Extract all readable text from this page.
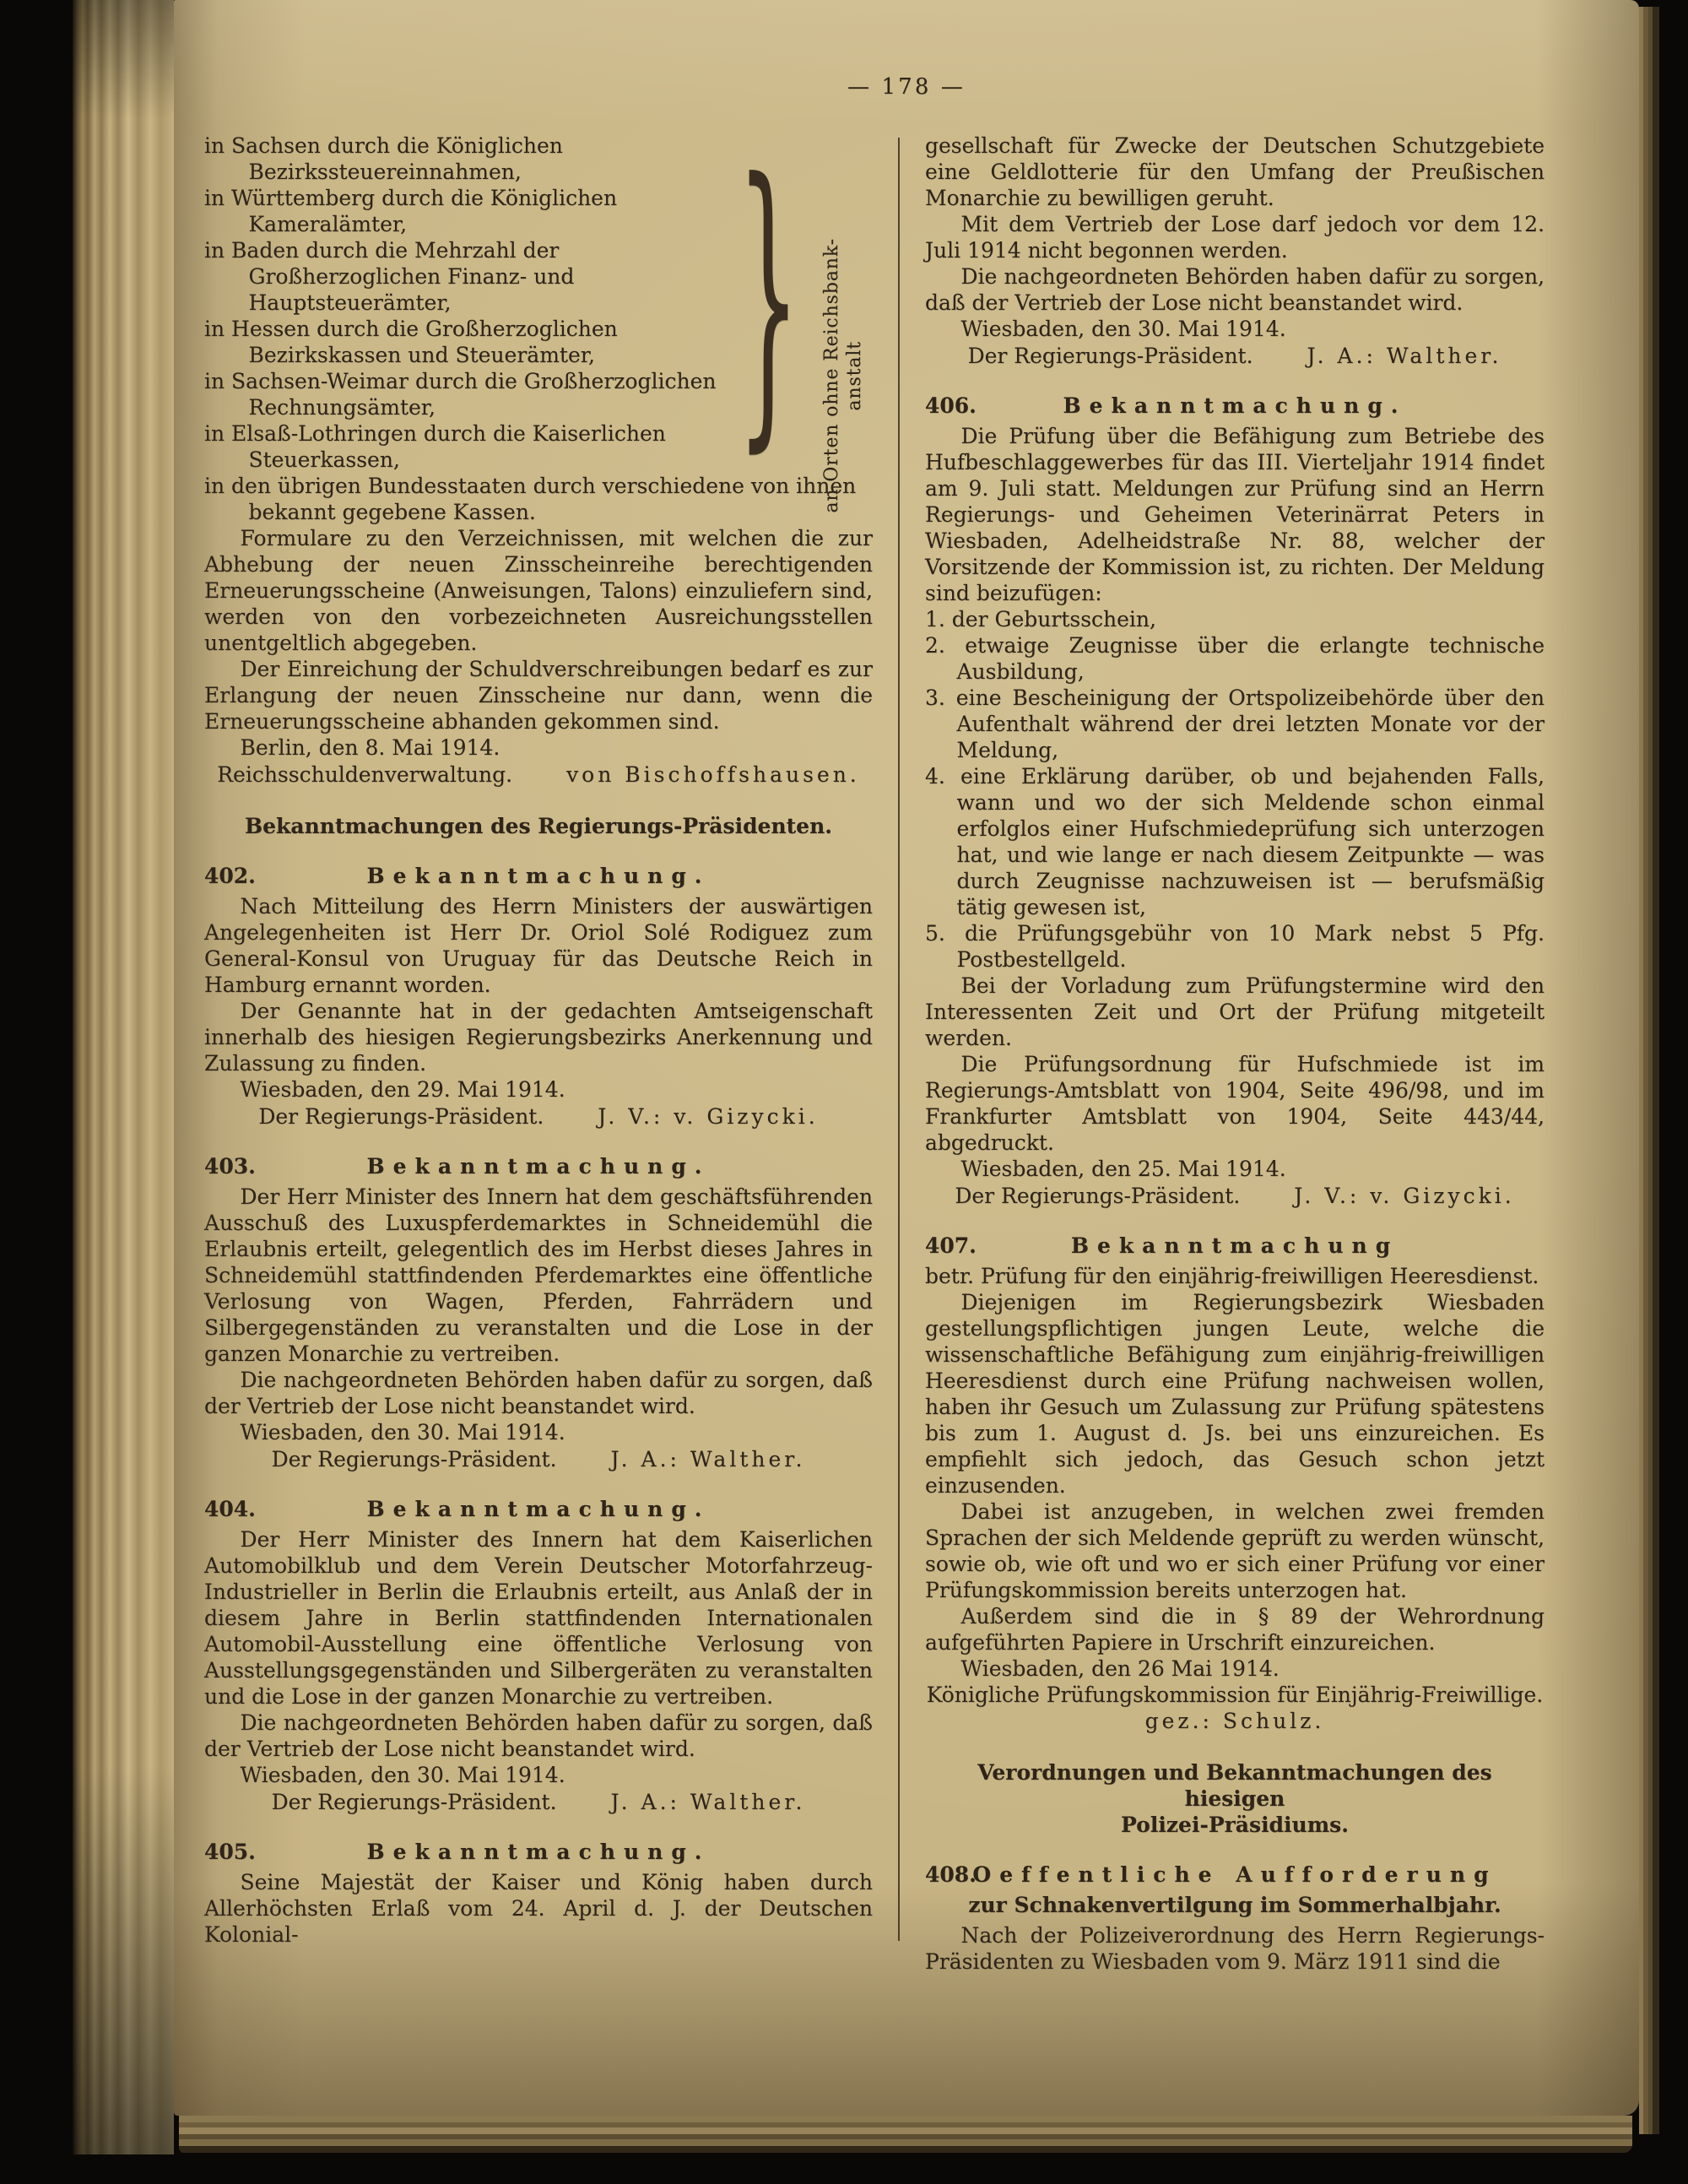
— 178 —

in Sachsen durch die Königlichen Bezirkssteuereinnahmen,

in Württemberg durch die Königlichen Kameralämter,

in Baden durch die Mehrzahl der Großherzoglichen Finanz- und Hauptsteuerämter,

in Hessen durch die Großherzoglichen Bezirkskassen und Steuerämter,

in Sachsen-Weimar durch die Großherzoglichen Rechnungsämter,

in Elsaß-Lothringen durch die Kaiserlichen Steuerkassen,

in den übrigen Bundesstaaten durch verschiedene von ihnen bekannt gegebene Kassen.

} an Orten ohne Reichsbank- anstalt

Formulare zu den Verzeichnissen, mit welchen die zur Abhebung der neuen Zinsscheinreihe berechtigenden Erneuerungsscheine (Anweisungen, Talons) einzuliefern sind, werden von den vorbezeichneten Ausreichungsstellen unentgeltlich abgegeben.

Der Einreichung der Schuldverschreibungen bedarf es zur Erlangung der neuen Zinsscheine nur dann, wenn die Erneuerungsscheine abhanden gekommen sind.

Berlin, den 8. Mai 1914.

Reichsschuldenverwaltung.	von Bischoffshausen.
Bekanntmachungen des Regierungs-Präsidenten.
402.	Bekanntmachung.

Nach Mitteilung des Herrn Ministers der auswärtigen Angelegenheiten ist Herr Dr. Oriol Solé Rodiguez zum General-Konsul von Uruguay für das Deutsche Reich in Hamburg ernannt worden.

Der Genannte hat in der gedachten Amtseigenschaft innerhalb des hiesigen Regierungsbezirks Anerkennung und Zulassung zu finden.

Wiesbaden, den 29. Mai 1914.

Der Regierungs-Präsident.	J. V.: v. Gizycki.
403.	Bekanntmachung.

Der Herr Minister des Innern hat dem geschäftsführenden Ausschuß des Luxuspferdemarktes in Schneidemühl die Erlaubnis erteilt, gelegentlich des im Herbst dieses Jahres in Schneidemühl stattfindenden Pferdemarktes eine öffentliche Verlosung von Wagen, Pferden, Fahrrädern und Silbergegenständen zu veranstalten und die Lose in der ganzen Monarchie zu vertreiben.

Die nachgeordneten Behörden haben dafür zu sorgen, daß der Vertrieb der Lose nicht beanstandet wird.

Wiesbaden, den 30. Mai 1914.

Der Regierungs-Präsident.	J. A.: Walther.
404.	Bekanntmachung.

Der Herr Minister des Innern hat dem Kaiserlichen Automobilklub und dem Verein Deutscher Motorfahrzeug-Industrieller in Berlin die Erlaubnis erteilt, aus Anlaß der in diesem Jahre in Berlin stattfindenden Internationalen Automobil-Ausstellung eine öffentliche Verlosung von Ausstellungsgegenständen und Silbergeräten zu veranstalten und die Lose in der ganzen Monarchie zu vertreiben.

Die nachgeordneten Behörden haben dafür zu sorgen, daß der Vertrieb der Lose nicht beanstandet wird.

Wiesbaden, den 30. Mai 1914.

Der Regierungs-Präsident.	J. A.: Walther.
405.	Bekanntmachung.

Seine Majestät der Kaiser und König haben durch Allerhöchsten Erlaß vom 24. April d. J. der Deutschen Kolonial-

gesellschaft für Zwecke der Deutschen Schutzgebiete eine Geldlotterie für den Umfang der Preußischen Monarchie zu bewilligen geruht.

Mit dem Vertrieb der Lose darf jedoch vor dem 12. Juli 1914 nicht begonnen werden.

Die nachgeordneten Behörden haben dafür zu sorgen, daß der Vertrieb der Lose nicht beanstandet wird.

Wiesbaden, den 30. Mai 1914.

Der Regierungs-Präsident.	J. A.: Walther.
406.	Bekanntmachung.

Die Prüfung über die Befähigung zum Betriebe des Hufbeschlaggewerbes für das III. Vierteljahr 1914 findet am 9. Juli statt. Meldungen zur Prüfung sind an Herrn Regierungs- und Geheimen Veterinärrat Peters in Wiesbaden, Adelheidstraße Nr. 88, welcher der Vorsitzende der Kommission ist, zu richten. Der Meldung sind beizufügen:

1. der Geburtsschein,

2. etwaige Zeugnisse über die erlangte technische Ausbildung,

3. eine Bescheinigung der Ortspolizeibehörde über den Aufenthalt während der drei letzten Monate vor der Meldung,

4. eine Erklärung darüber, ob und bejahenden Falls, wann und wo der sich Meldende schon einmal erfolglos einer Hufschmiedeprüfung sich unterzogen hat, und wie lange er nach diesem Zeitpunkte — was durch Zeugnisse nachzuweisen ist — berufsmäßig tätig gewesen ist,

5. die Prüfungsgebühr von 10 Mark nebst 5 Pfg. Postbestellgeld.

Bei der Vorladung zum Prüfungstermine wird den Interessenten Zeit und Ort der Prüfung mitgeteilt werden.

Die Prüfungsordnung für Hufschmiede ist im Regierungs-Amtsblatt von 1904, Seite 496/98, und im Frankfurter Amtsblatt von 1904, Seite 443/44, abgedruckt.

Wiesbaden, den 25. Mai 1914.

Der Regierungs-Präsident.	J. V.: v. Gizycki.
407.	Bekanntmachung

betr. Prüfung für den einjährig-freiwilligen Heeresdienst.

Diejenigen im Regierungsbezirk Wiesbaden gestellungspflichtigen jungen Leute, welche die wissenschaftliche Befähigung zum einjährig-freiwilligen Heeresdienst durch eine Prüfung nachweisen wollen, haben ihr Gesuch um Zulassung zur Prüfung spätestens bis zum 1. August d. Js. bei uns einzureichen. Es empfiehlt sich jedoch, das Gesuch schon jetzt einzusenden.

Dabei ist anzugeben, in welchen zwei fremden Sprachen der sich Meldende geprüft zu werden wünscht, sowie ob, wie oft und wo er sich einer Prüfung vor einer Prüfungskommission bereits unterzogen hat.

Außerdem sind die in § 89 der Wehrordnung aufgeführten Papiere in Urschrift einzureichen.

Wiesbaden, den 26 Mai 1914.

Königliche Prüfungskommission für Einjährig-Freiwillige.

gez.: Schulz.

Verordnungen und Bekanntmachungen des hiesigen
Polizei-Präsidiums.
408.
Oeffentliche Aufforderung

zur Schnakenvertilgung im Sommerhalbjahr.

Nach der Polizeiverordnung des Herrn Regierungs-Präsidenten zu Wiesbaden vom 9. März 1911 sind die
